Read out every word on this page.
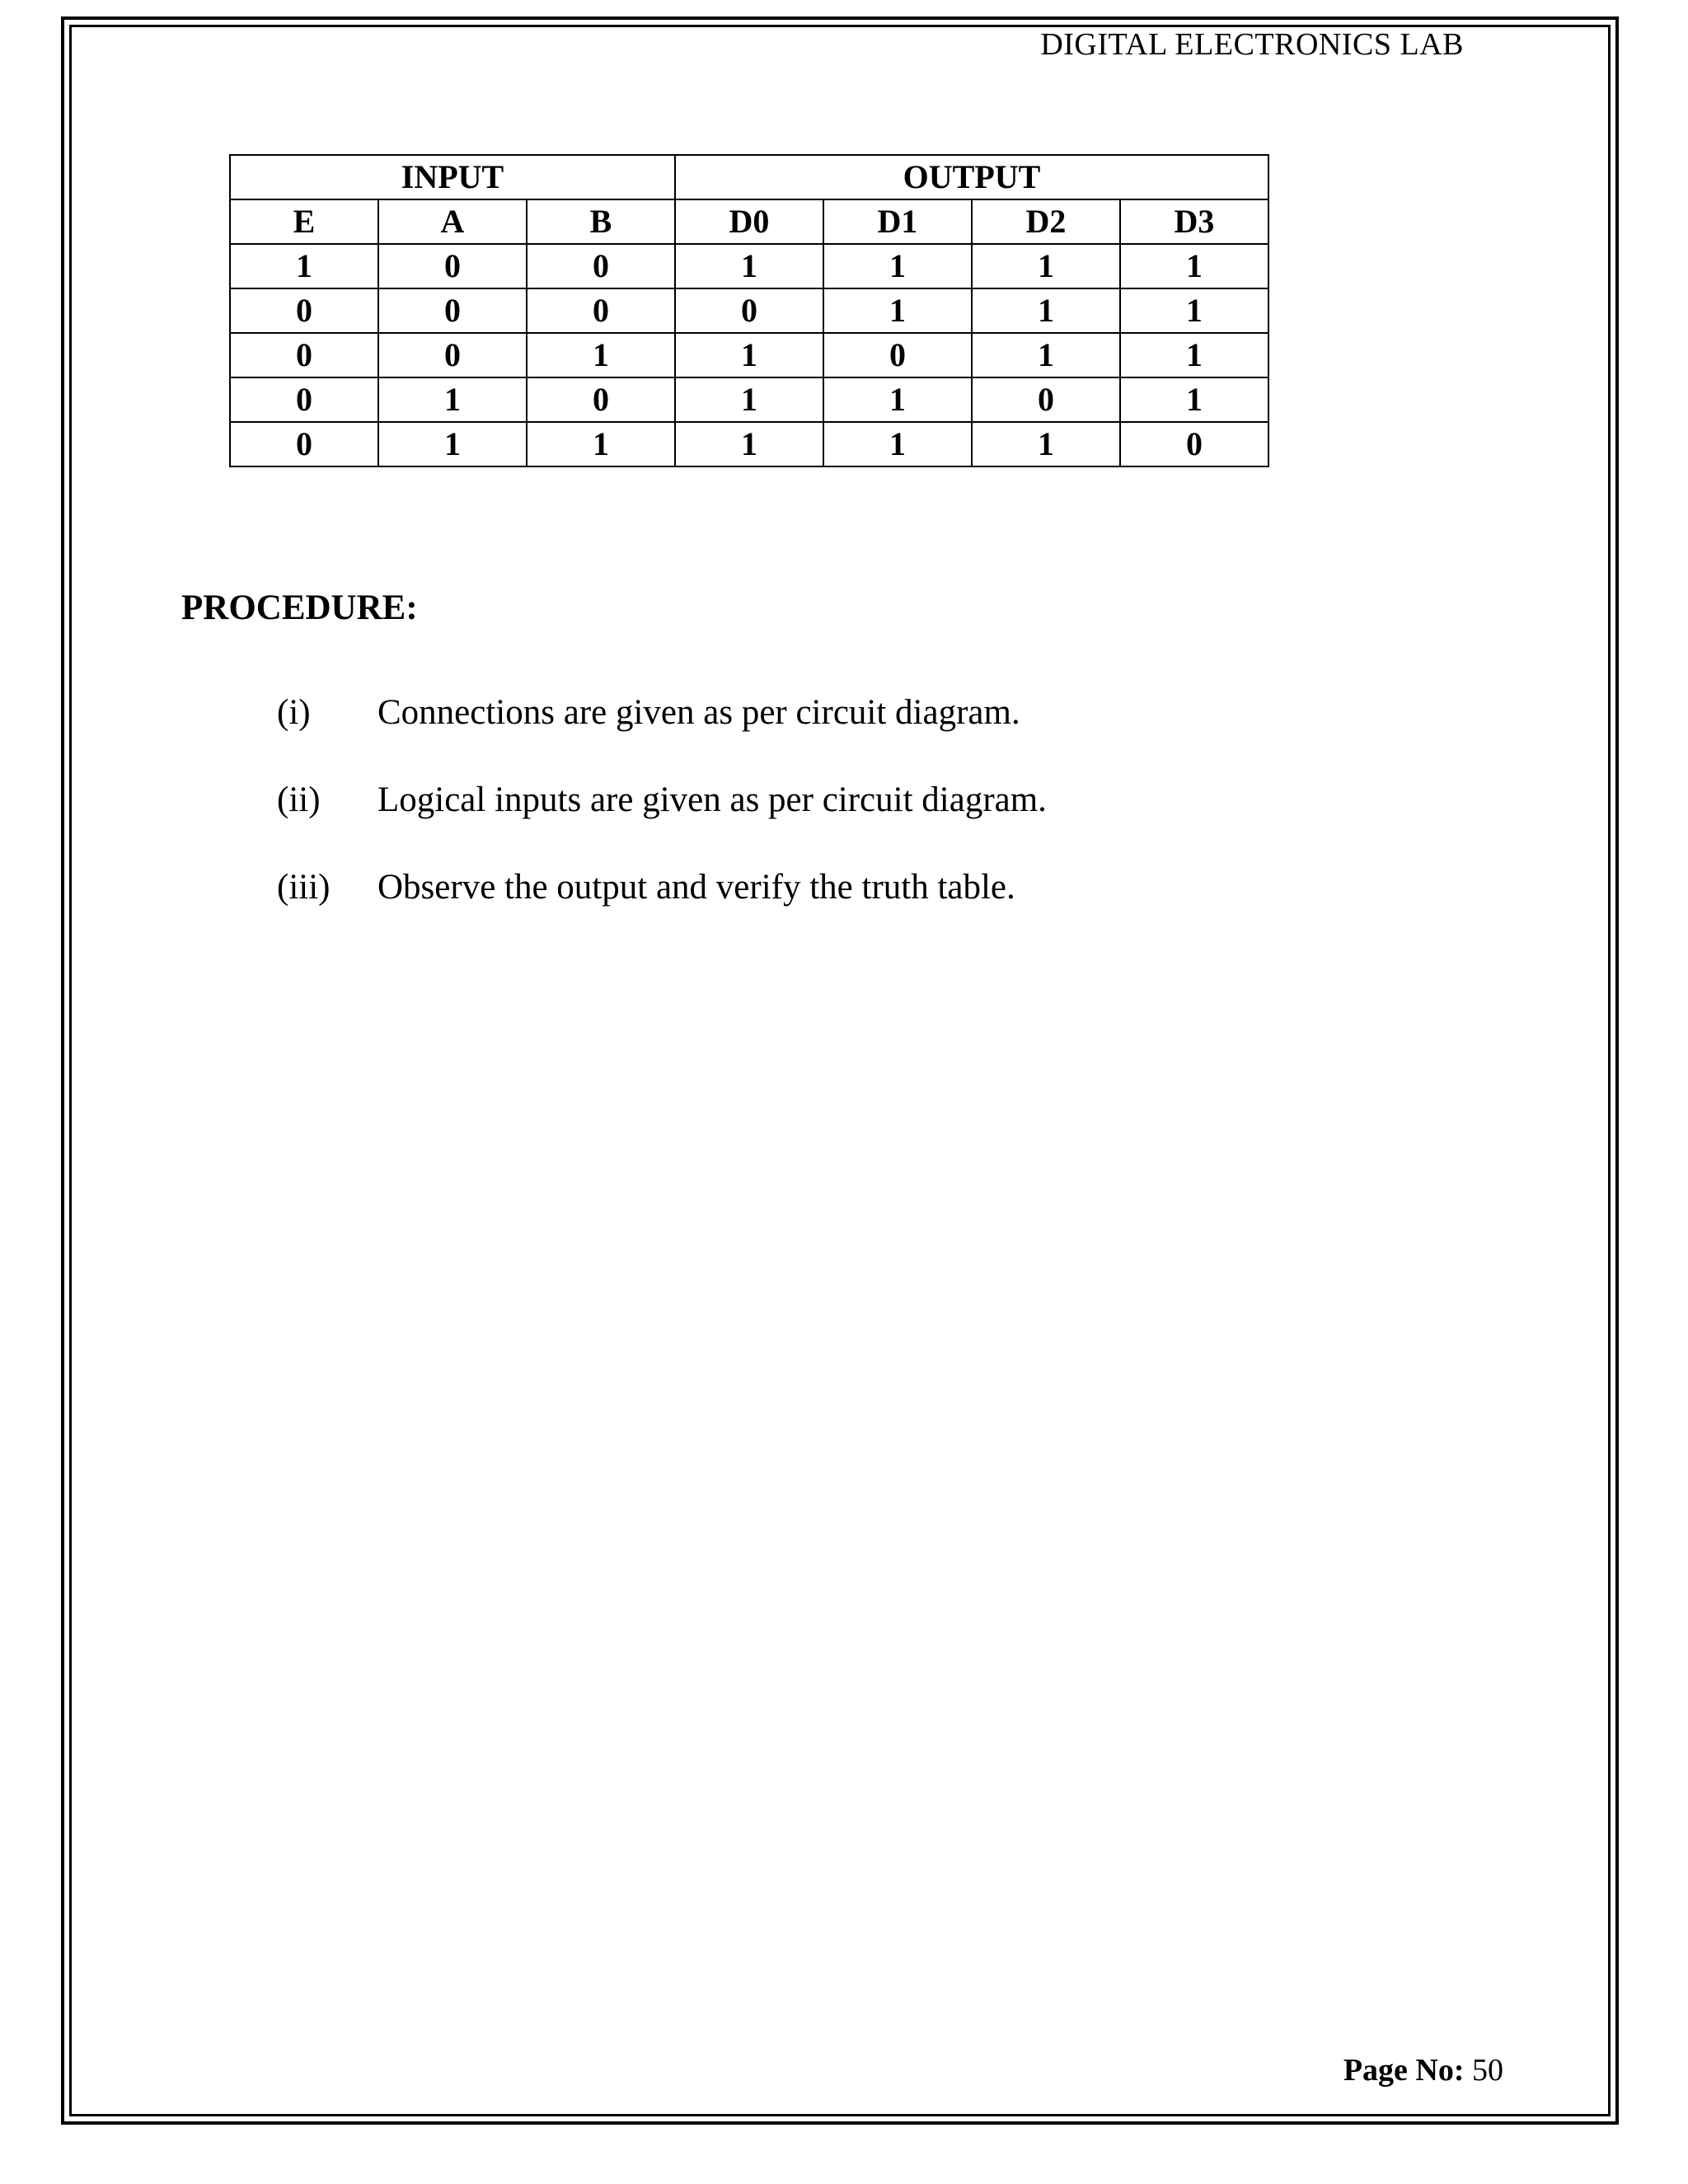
DIGITAL ELECTRONICS LAB
INPUT			OUTPUT			
E	A	B	D0	D1	D2	D3
1	0	0	1	1	1	1
0	0	0	0	1	1	1
0	0	1	1	0	1	1
0	1	0	1	1	0	1
0	1	1	1	1	1	0
PROCEDURE:
(i)	Connections are given as per circuit diagram.
(ii)	Logical inputs are given as per circuit diagram.
(iii)	Observe the output and verify the truth table.
Page No: 50
